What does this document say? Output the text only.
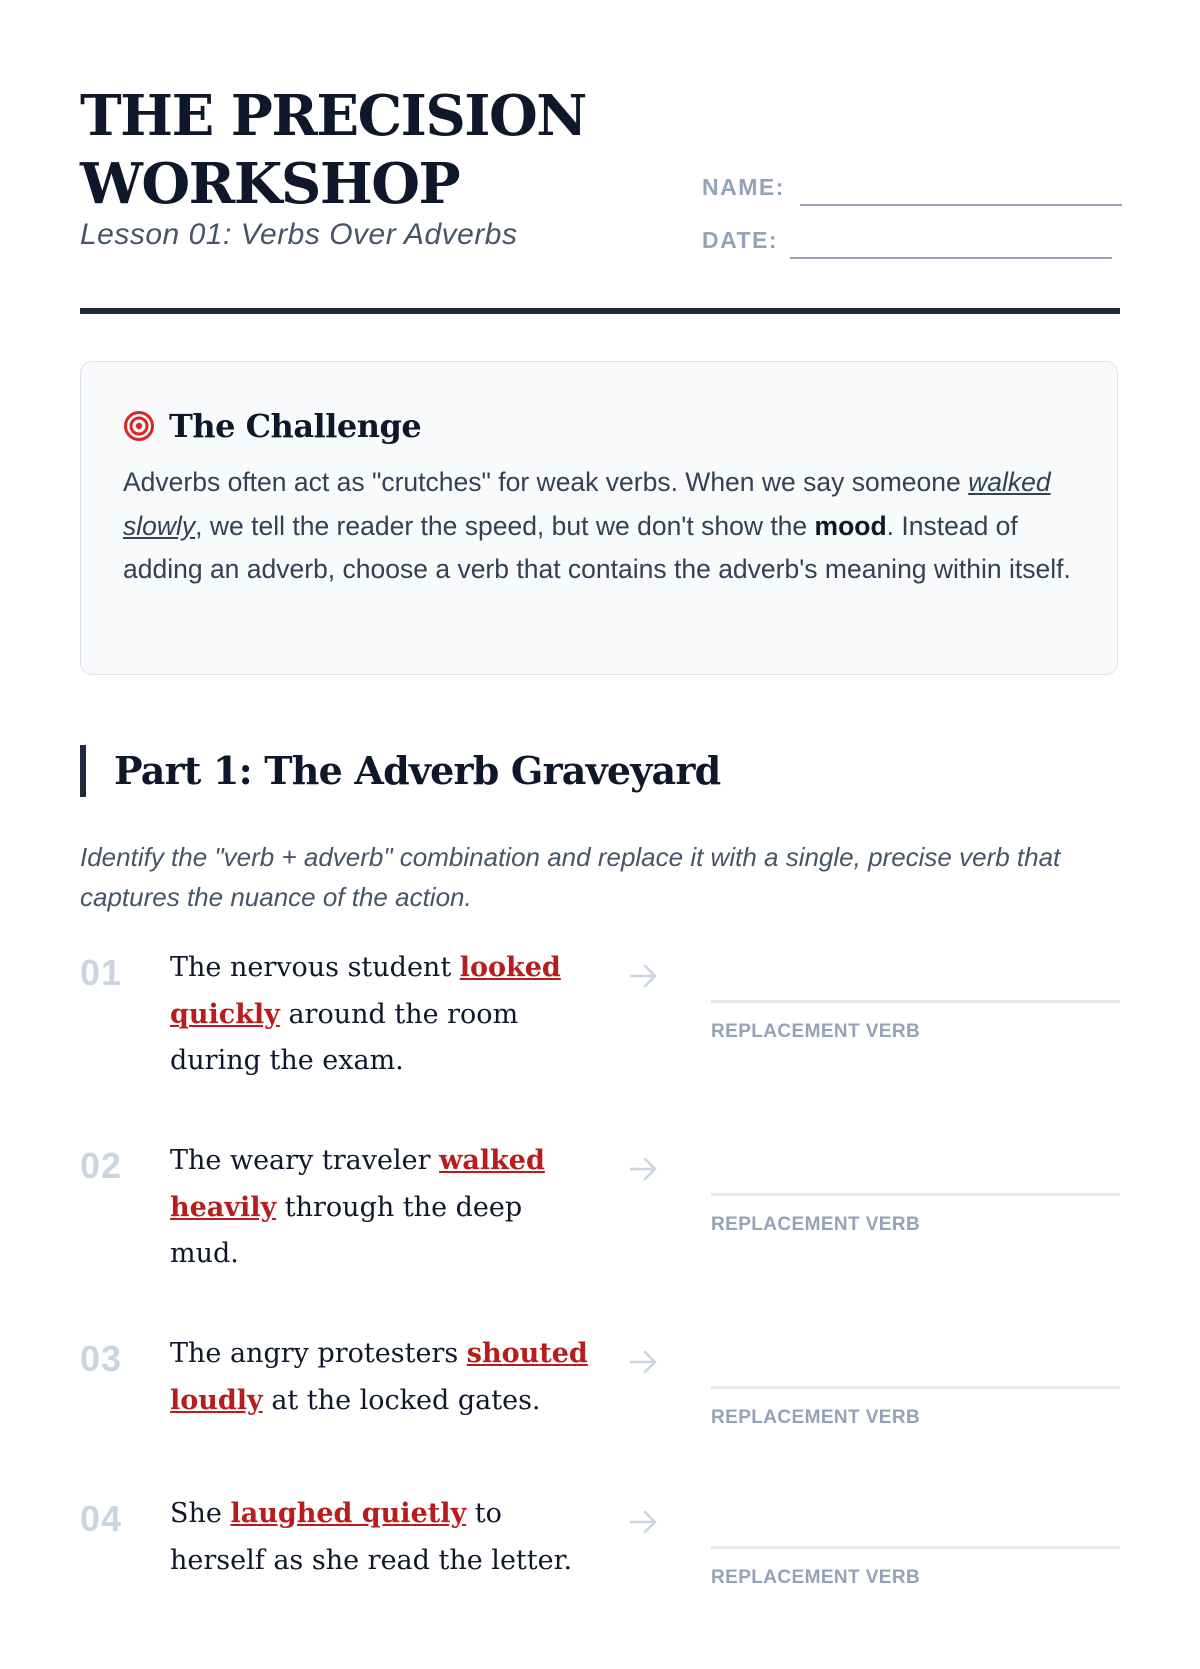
THE PRECISION
WORKSHOP
Lesson 01: Verbs Over Adverbs
NAME:
DATE:
The Challenge

Adverbs often act as "crutches" for weak verbs. When we say someone walked slowly, we tell the reader the speed, but we don't show the mood. Instead of adding an adverb, choose a verb that contains the adverb's meaning within itself.

Part 1: The Adverb Graveyard
Identify the "verb + adverb" combination and replace it with a single, precise verb that captures the nuance of the action.
01 The nervous student looked quickly around the room during the exam.
REPLACEMENT VERB
02 The weary traveler walked heavily through the deep mud.
REPLACEMENT VERB
03 The angry protesters shouted loudly at the locked gates.
REPLACEMENT VERB
04 She laughed quietly to herself as she read the letter.
REPLACEMENT VERB
